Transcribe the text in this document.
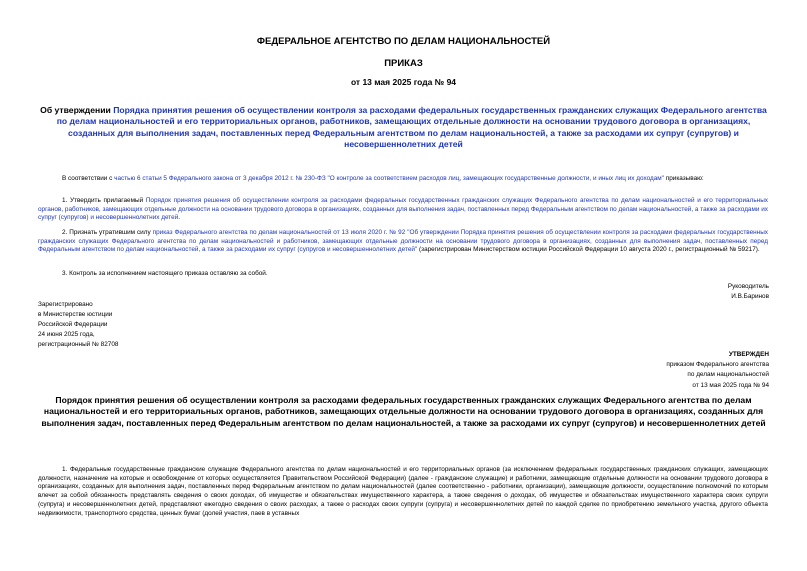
ФЕДЕРАЛЬНОЕ АГЕНТСТВО ПО ДЕЛАМ НАЦИОНАЛЬНОСТЕЙ
ПРИКАЗ
от 13 мая 2025 года № 94
Об утверждении Порядка принятия решения об осуществлении контроля за расходами федеральных государственных гражданских служащих Федерального агентства по делам национальностей и его территориальных органов, работников, замещающих отдельные должности на основании трудового договора в организациях, созданных для выполнения задач, поставленных перед Федеральным агентством по делам национальностей, а также за расходами их супруг (супругов) и несовершеннолетних детей

В соответствии с частью 6 статьи 5 Федерального закона от 3 декабря 2012 г. № 230-ФЗ "О контроле за соответствием расходов лиц, замещающих государственные должности, и иных лиц их доходам" приказываю:

1. Утвердить прилагаемый Порядок принятия решения об осуществлении контроля за расходами федеральных государственных гражданских служащих Федерального агентства по делам национальностей и его территориальных органов, работников, замещающих отдельные должности на основании трудового договора в организациях, созданных для выполнения задач, поставленных перед Федеральным агентством по делам национальностей, а также за расходами их супруг (супругов) и несовершеннолетних детей.

2. Признать утратившим силу приказ Федерального агентства по делам национальностей от 13 июля 2020 г. № 92 "Об утверждении Порядка принятия решения об осуществлении контроля за расходами федеральных государственных гражданских служащих Федерального агентства по делам национальностей и работников, замещающих отдельные должности на основании трудового договора в организациях, созданных для выполнения задач, поставленных перед Федеральным агентством по делам национальностей, а также за расходами их супруг (супругов и несовершеннолетних детей" (зарегистрирован Министерством юстиции Российской Федерации 10 августа 2020 г., регистрационный № 59217).

3. Контроль за исполнением настоящего приказа оставляю за собой.

Руководитель
И.В.Баринов
Зарегистрировано
в Министерстве юстиции
Российской Федерации
24 июня 2025 года,
регистрационный № 82708
УТВЕРЖДЕН
приказом Федерального агентства
по делам национальностей
от 13 мая 2025 года № 94
Порядок принятия решения об осуществлении контроля за расходами федеральных государственных гражданских служащих Федерального агентства по делам национальностей и его территориальных органов, работников, замещающих отдельные должности на основании трудового договора в организациях, созданных для выполнения задач, поставленных перед Федеральным агентством по делам национальностей, а также за расходами их супруг (супругов) и несовершеннолетних детей

1. Федеральные государственные гражданские служащие Федерального агентства по делам национальностей и его территориальных органов (за исключением федеральных государственных гражданских служащих, замещающих должности, назначение на которые и освобождение от которых осуществляется Правительством Российской Федерации) (далее - гражданские служащие) и работники, замещающие отдельные должности на основании трудового договора в организациях, созданных для выполнения задач, поставленных перед Федеральным агентством по делам национальностей (далее соответственно - работники, организации), замещающие должности, осуществление полномочий по которым влечет за собой обязанность представлять сведения о своих доходах, об имуществе и обязательствах имущественного характера, а также сведения о доходах, об имуществе и обязательствах имущественного характера своих супруги (супруга) и несовершеннолетних детей, представляют ежегодно сведения о своих расходах, а также о расходах своих супруги (супруга) и несовершеннолетних детей по каждой сделке по приобретению земельного участка, другого объекта недвижимости, транспортного средства, ценных бумаг (долей участия, паев в уставных
